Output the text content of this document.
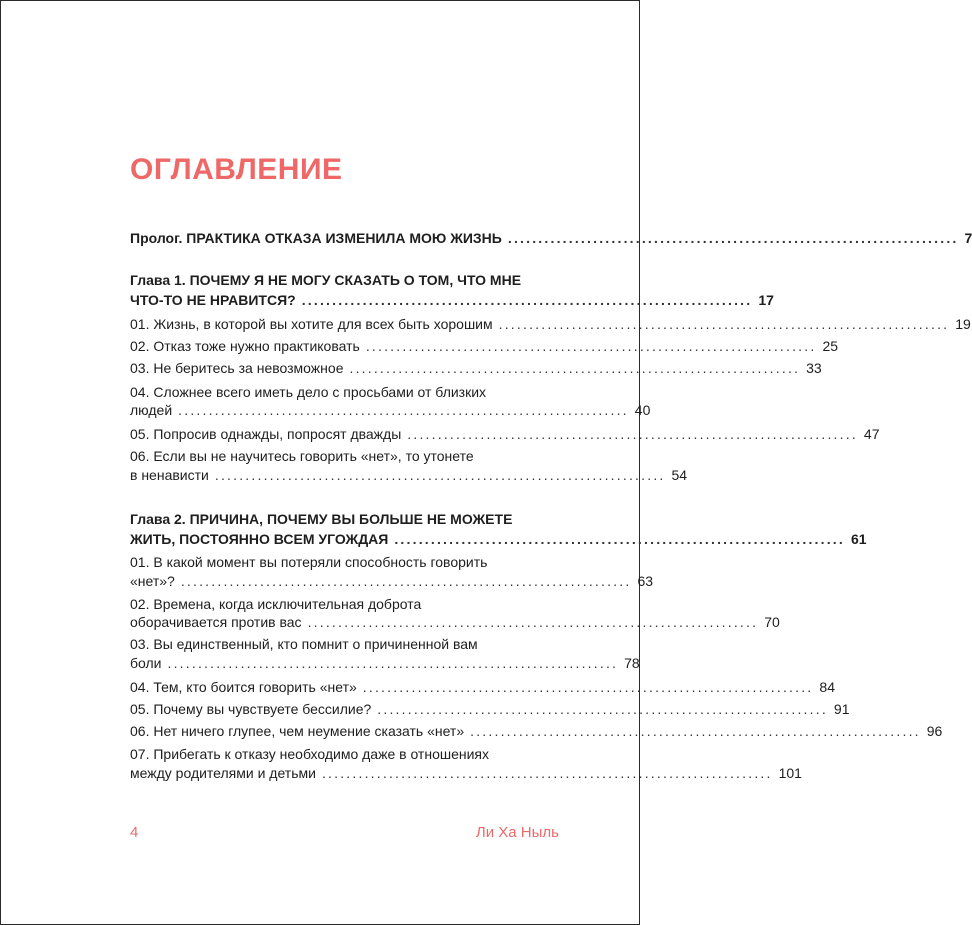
ОГЛАВЛЕНИЕ
Пролог. ПРАКТИКА ОТКАЗА ИЗМЕНИЛА МОЮ ЖИЗНЬ .......................................................................... 7
Глава 1. ПОЧЕМУ Я НЕ МОГУ СКАЗАТЬ О ТОМ, ЧТО МНЕ
ЧТО-ТО НЕ НРАВИТСЯ? .......................................................................... 17
01. Жизнь, в которой вы хотите для всех быть хорошим .......................................................................... 19
02. Отказ тоже нужно практиковать .......................................................................... 25
03. Не беритесь за невозможное .......................................................................... 33
04. Сложнее всего иметь дело с просьбами от близких
людей .......................................................................... 40
05. Попросив однажды, попросят дважды .......................................................................... 47
06. Если вы не научитесь говорить «нет», то утонете
в ненависти .......................................................................... 54
Глава 2. ПРИЧИНА, ПОЧЕМУ ВЫ БОЛЬШЕ НЕ МОЖЕТЕ
ЖИТЬ, ПОСТОЯННО ВСЕМ УГОЖДАЯ .......................................................................... 61
01. В какой момент вы потеряли способность говорить
«нет»? .......................................................................... 63
02. Времена, когда исключительная доброта
оборачивается против вас .......................................................................... 70
03. Вы единственный, кто помнит о причиненной вам
боли .......................................................................... 78
04. Тем, кто боится говорить «нет» .......................................................................... 84
05. Почему вы чувствуете бессилие? .......................................................................... 91
06. Нет ничего глупее, чем неумение сказать «нет» .......................................................................... 96
07. Прибегать к отказу необходимо даже в отношениях
между родителями и детьми .......................................................................... 101
4	Ли Ха Ныль
